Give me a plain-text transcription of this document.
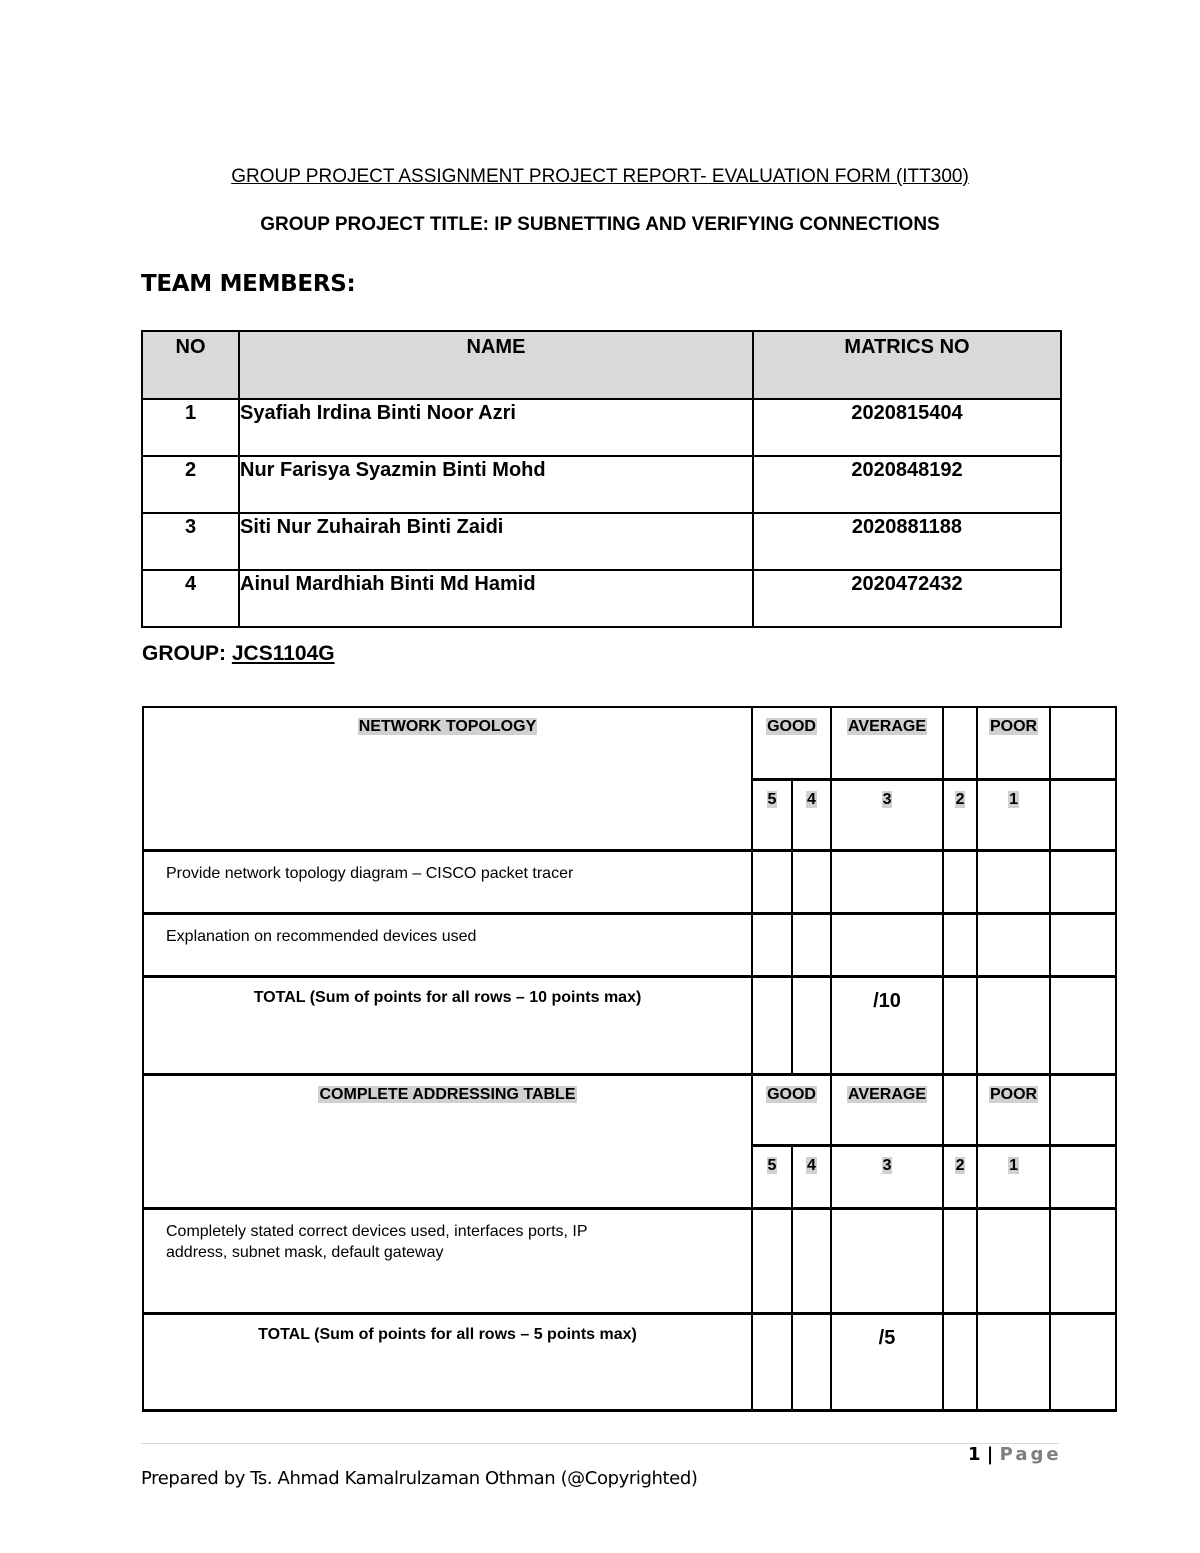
GROUP PROJECT ASSIGNMENT PROJECT REPORT- EVALUATION FORM (ITT300)
GROUP PROJECT TITLE: IP SUBNETTING AND VERIFYING CONNECTIONS
TEAM MEMBERS:
NO	NAME	MATRICS NO
1	Syafiah Irdina Binti Noor Azri	2020815404
2	Nur Farisya Syazmin Binti Mohd	2020848192
3	Siti Nur Zuhairah Binti Zaidi	2020881188
4	Ainul Mardhiah Binti Md Hamid	2020472432
GROUP: JCS1104G
NETWORK TOPOLOGY	GOOD		AVERAGE		POOR	
	5	4	3	2	1	
Provide network topology diagram – CISCO packet tracer						
Explanation on recommended devices used						
TOTAL (Sum of points for all rows – 10 points max)			/10			
COMPLETE ADDRESSING TABLE	GOOD		AVERAGE		POOR	
	5	4	3	2	1	
Completely stated correct devices used, interfaces ports, IP address, subnet mask, default gateway						
TOTAL (Sum of points for all rows – 5 points max)			/5			
1 | Page
Prepared by Ts. Ahmad Kamalrulzaman Othman (@Copyrighted)
